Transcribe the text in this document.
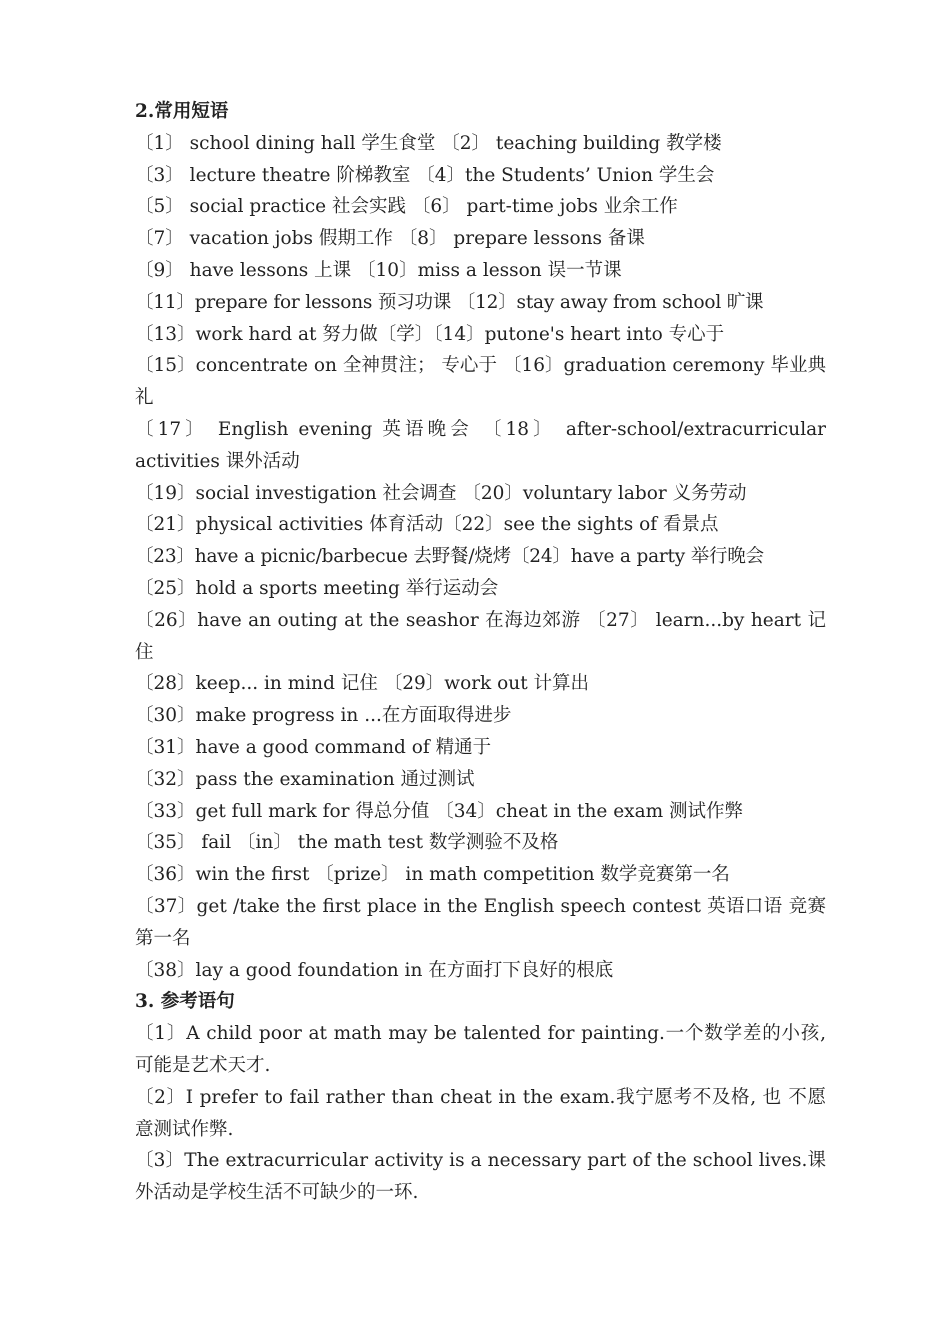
2.常用短语

〔1〕 school dining hall 学生食堂 〔2〕 teaching building 教学楼

〔3〕 lecture theatre 阶梯教室 〔4〕the Students’ Union 学生会

〔5〕 social practice 社会实践 〔6〕 part-time jobs 业余工作

〔7〕 vacation jobs 假期工作 〔8〕 prepare lessons 备课

〔9〕 have lessons 上课 〔10〕miss a lesson 误一节课

〔11〕prepare for lessons 预习功课 〔12〕stay away from school 旷课

〔13〕work hard at 努力做〔学〕〔14〕putone's heart into 专心于

〔15〕concentrate on 全神贯注； 专心于 〔16〕graduation ceremony 毕业典 礼

〔17〕 English evening 英语晚会 〔18〕 after-school/extracurricular activities 课外活动

〔19〕social investigation 社会调查 〔20〕voluntary labor 义务劳动

〔21〕physical activities 体育活动〔22〕see the sights of 看景点

〔23〕have a picnic/barbecue 去野餐/烧烤〔24〕have a party 举行晚会

〔25〕hold a sports meeting 举行运动会

〔26〕have an outing at the seashor 在海边郊游 〔27〕 learn...by heart 记住

〔28〕keep... in mind 记住 〔29〕work out 计算出

〔30〕make progress in ...在方面取得进步

〔31〕have a good command of 精通于

〔32〕pass the examination 通过测试

〔33〕get full mark for 得总分值 〔34〕cheat in the exam 测试作弊

〔35〕 fail 〔in〕 the math test 数学测验不及格

〔36〕win the first 〔prize〕 in math competition 数学竞赛第一名

〔37〕get /take the first place in the English speech contest 英语口语 竞赛第一名

〔38〕lay a good foundation in 在方面打下良好的根底

3. 参考语句

〔1〕A child poor at math may be talented for painting.一个数学差的小孩, 可能是艺术天才.

〔2〕I prefer to fail rather than cheat in the exam.我宁愿考不及格, 也 不愿意测试作弊.

〔3〕The extracurricular activity is a necessary part of the school lives.课外活动是学校生活不可缺少的一环.
